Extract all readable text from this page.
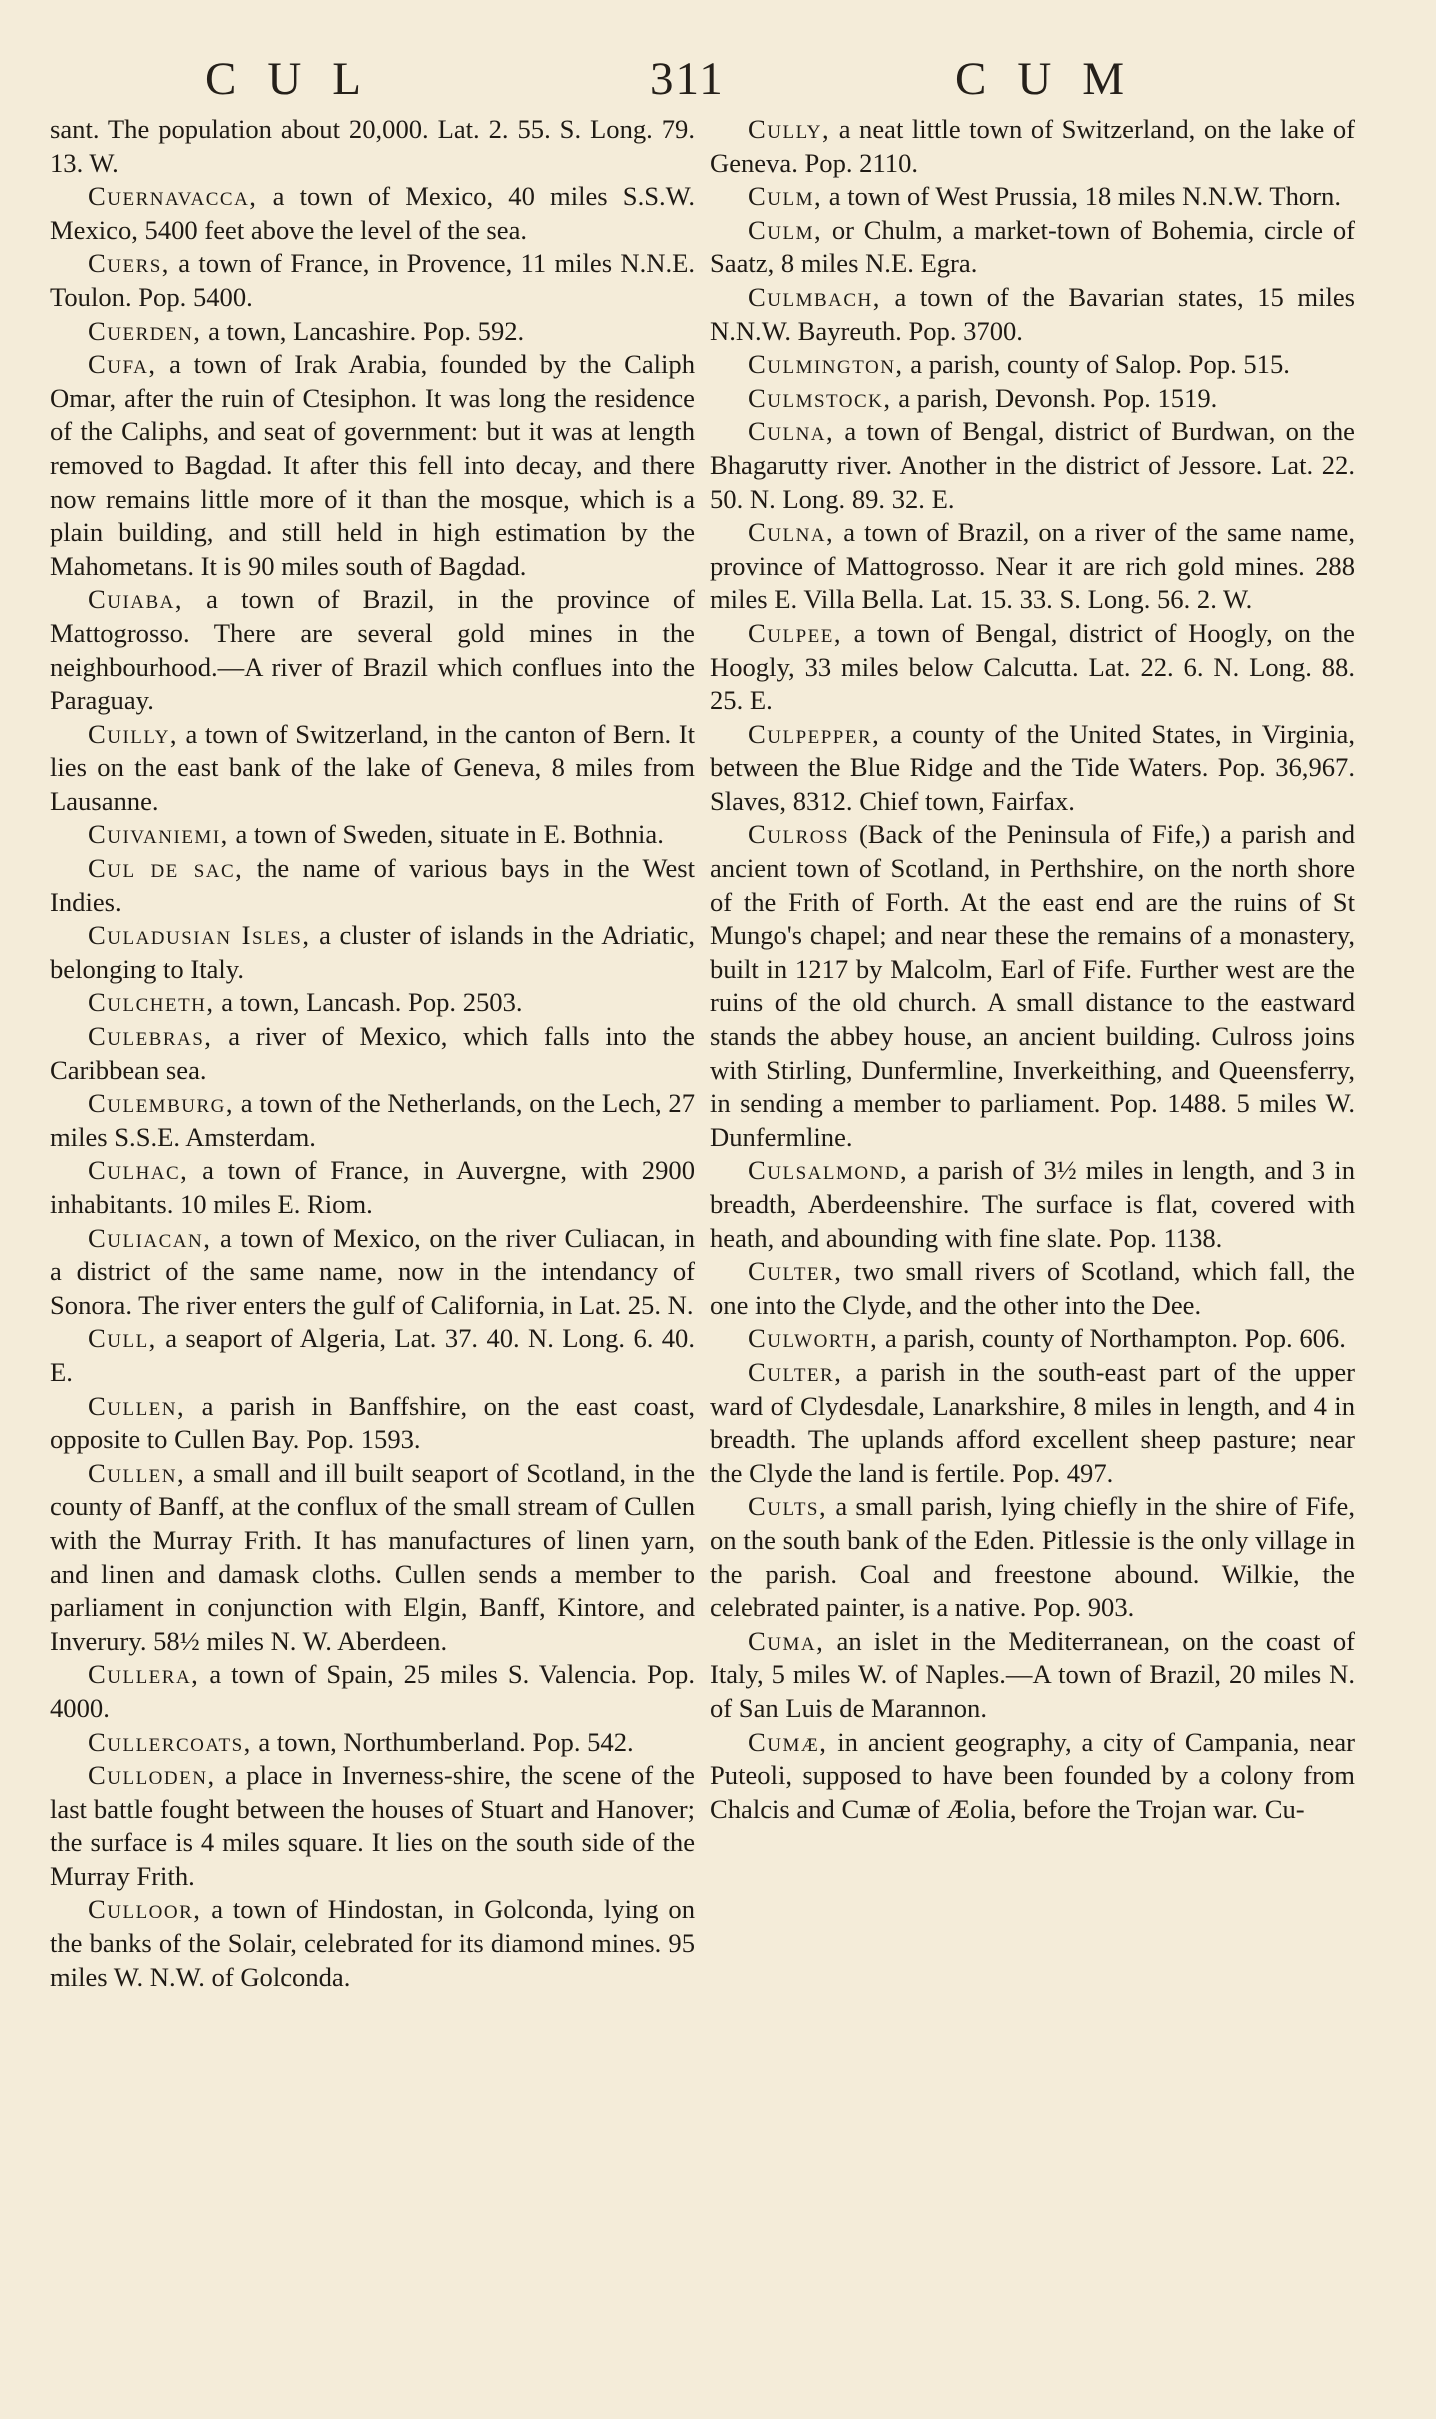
CUL	311	CUM

sant. The population about 20,000. Lat. 2. 55. S. Long. 79. 13. W.

Cuernavacca, a town of Mexico, 40 miles S.S.W. Mexico, 5400 feet above the level of the sea.

Cuers, a town of France, in Provence, 11 miles N.N.E. Toulon. Pop. 5400.

Cuerden, a town, Lancashire. Pop. 592.

Cufa, a town of Irak Arabia, founded by the Caliph Omar, after the ruin of Ctesiphon. It was long the residence of the Caliphs, and seat of government: but it was at length removed to Bagdad. It after this fell into decay, and there now remains little more of it than the mosque, which is a plain building, and still held in high estimation by the Mahometans. It is 90 miles south of Bagdad.

Cuiaba, a town of Brazil, in the province of Mattogrosso. There are several gold mines in the neighbourhood.—A river of Brazil which conflues into the Paraguay.

Cuilly, a town of Switzerland, in the canton of Bern. It lies on the east bank of the lake of Geneva, 8 miles from Lausanne.

Cuivaniemi, a town of Sweden, situate in E. Bothnia.

Cul de sac, the name of various bays in the West Indies.

Culadusian Isles, a cluster of islands in the Adriatic, belonging to Italy.

Culcheth, a town, Lancash. Pop. 2503.

Culebras, a river of Mexico, which falls into the Caribbean sea.

Culemburg, a town of the Netherlands, on the Lech, 27 miles S.S.E. Amsterdam.

Culhac, a town of France, in Auvergne, with 2900 inhabitants. 10 miles E. Riom.

Culiacan, a town of Mexico, on the river Culiacan, in a district of the same name, now in the intendancy of Sonora. The river enters the gulf of California, in Lat. 25. N.

Cull, a seaport of Algeria, Lat. 37. 40. N. Long. 6. 40. E.

Cullen, a parish in Banffshire, on the east coast, opposite to Cullen Bay. Pop. 1593.

Cullen, a small and ill built seaport of Scotland, in the county of Banff, at the conflux of the small stream of Cullen with the Murray Frith. It has manufactures of linen yarn, and linen and damask cloths. Cullen sends a member to parliament in conjunction with Elgin, Banff, Kintore, and Inverury. 58½ miles N. W. Aberdeen.

Cullera, a town of Spain, 25 miles S. Valencia. Pop. 4000.

Cullercoats, a town, Northumberland. Pop. 542.

Culloden, a place in Inverness-shire, the scene of the last battle fought between the houses of Stuart and Hanover; the surface is 4 miles square. It lies on the south side of the Murray Frith.

Culloor, a town of Hindostan, in Golconda, lying on the banks of the Solair, celebrated for its diamond mines. 95 miles W. N.W. of Golconda.

Cully, a neat little town of Switzerland, on the lake of Geneva. Pop. 2110.

Culm, a town of West Prussia, 18 miles N.N.W. Thorn.

Culm, or Chulm, a market-town of Bohemia, circle of Saatz, 8 miles N.E. Egra.

Culmbach, a town of the Bavarian states, 15 miles N.N.W. Bayreuth. Pop. 3700.

Culmington, a parish, county of Salop. Pop. 515.

Culmstock, a parish, Devonsh. Pop. 1519.

Culna, a town of Bengal, district of Burdwan, on the Bhagarutty river. Another in the district of Jessore. Lat. 22. 50. N. Long. 89. 32. E.

Culna, a town of Brazil, on a river of the same name, province of Mattogrosso. Near it are rich gold mines. 288 miles E. Villa Bella. Lat. 15. 33. S. Long. 56. 2. W.

Culpee, a town of Bengal, district of Hoogly, on the Hoogly, 33 miles below Calcutta. Lat. 22. 6. N. Long. 88. 25. E.

Culpepper, a county of the United States, in Virginia, between the Blue Ridge and the Tide Waters. Pop. 36,967. Slaves, 8312. Chief town, Fairfax.

Culross (Back of the Peninsula of Fife,) a parish and ancient town of Scotland, in Perthshire, on the north shore of the Frith of Forth. At the east end are the ruins of St Mungo's chapel; and near these the remains of a monastery, built in 1217 by Malcolm, Earl of Fife. Further west are the ruins of the old church. A small distance to the eastward stands the abbey house, an ancient building. Culross joins with Stirling, Dunfermline, Inverkeithing, and Queensferry, in sending a member to parliament. Pop. 1488. 5 miles W. Dunfermline.

Culsalmond, a parish of 3½ miles in length, and 3 in breadth, Aberdeenshire. The surface is flat, covered with heath, and abounding with fine slate. Pop. 1138.

Culter, two small rivers of Scotland, which fall, the one into the Clyde, and the other into the Dee.

Culworth, a parish, county of Northampton. Pop. 606.

Culter, a parish in the south-east part of the upper ward of Clydesdale, Lanarkshire, 8 miles in length, and 4 in breadth. The uplands afford excellent sheep pasture; near the Clyde the land is fertile. Pop. 497.

Cults, a small parish, lying chiefly in the shire of Fife, on the south bank of the Eden. Pitlessie is the only village in the parish. Coal and freestone abound. Wilkie, the celebrated painter, is a native. Pop. 903.

Cuma, an islet in the Mediterranean, on the coast of Italy, 5 miles W. of Naples.—A town of Brazil, 20 miles N. of San Luis de Marannon.

Cumæ, in ancient geography, a city of Campania, near Puteoli, supposed to have been founded by a colony from Chalcis and Cumæ of Æolia, before the Trojan war. Cu-
